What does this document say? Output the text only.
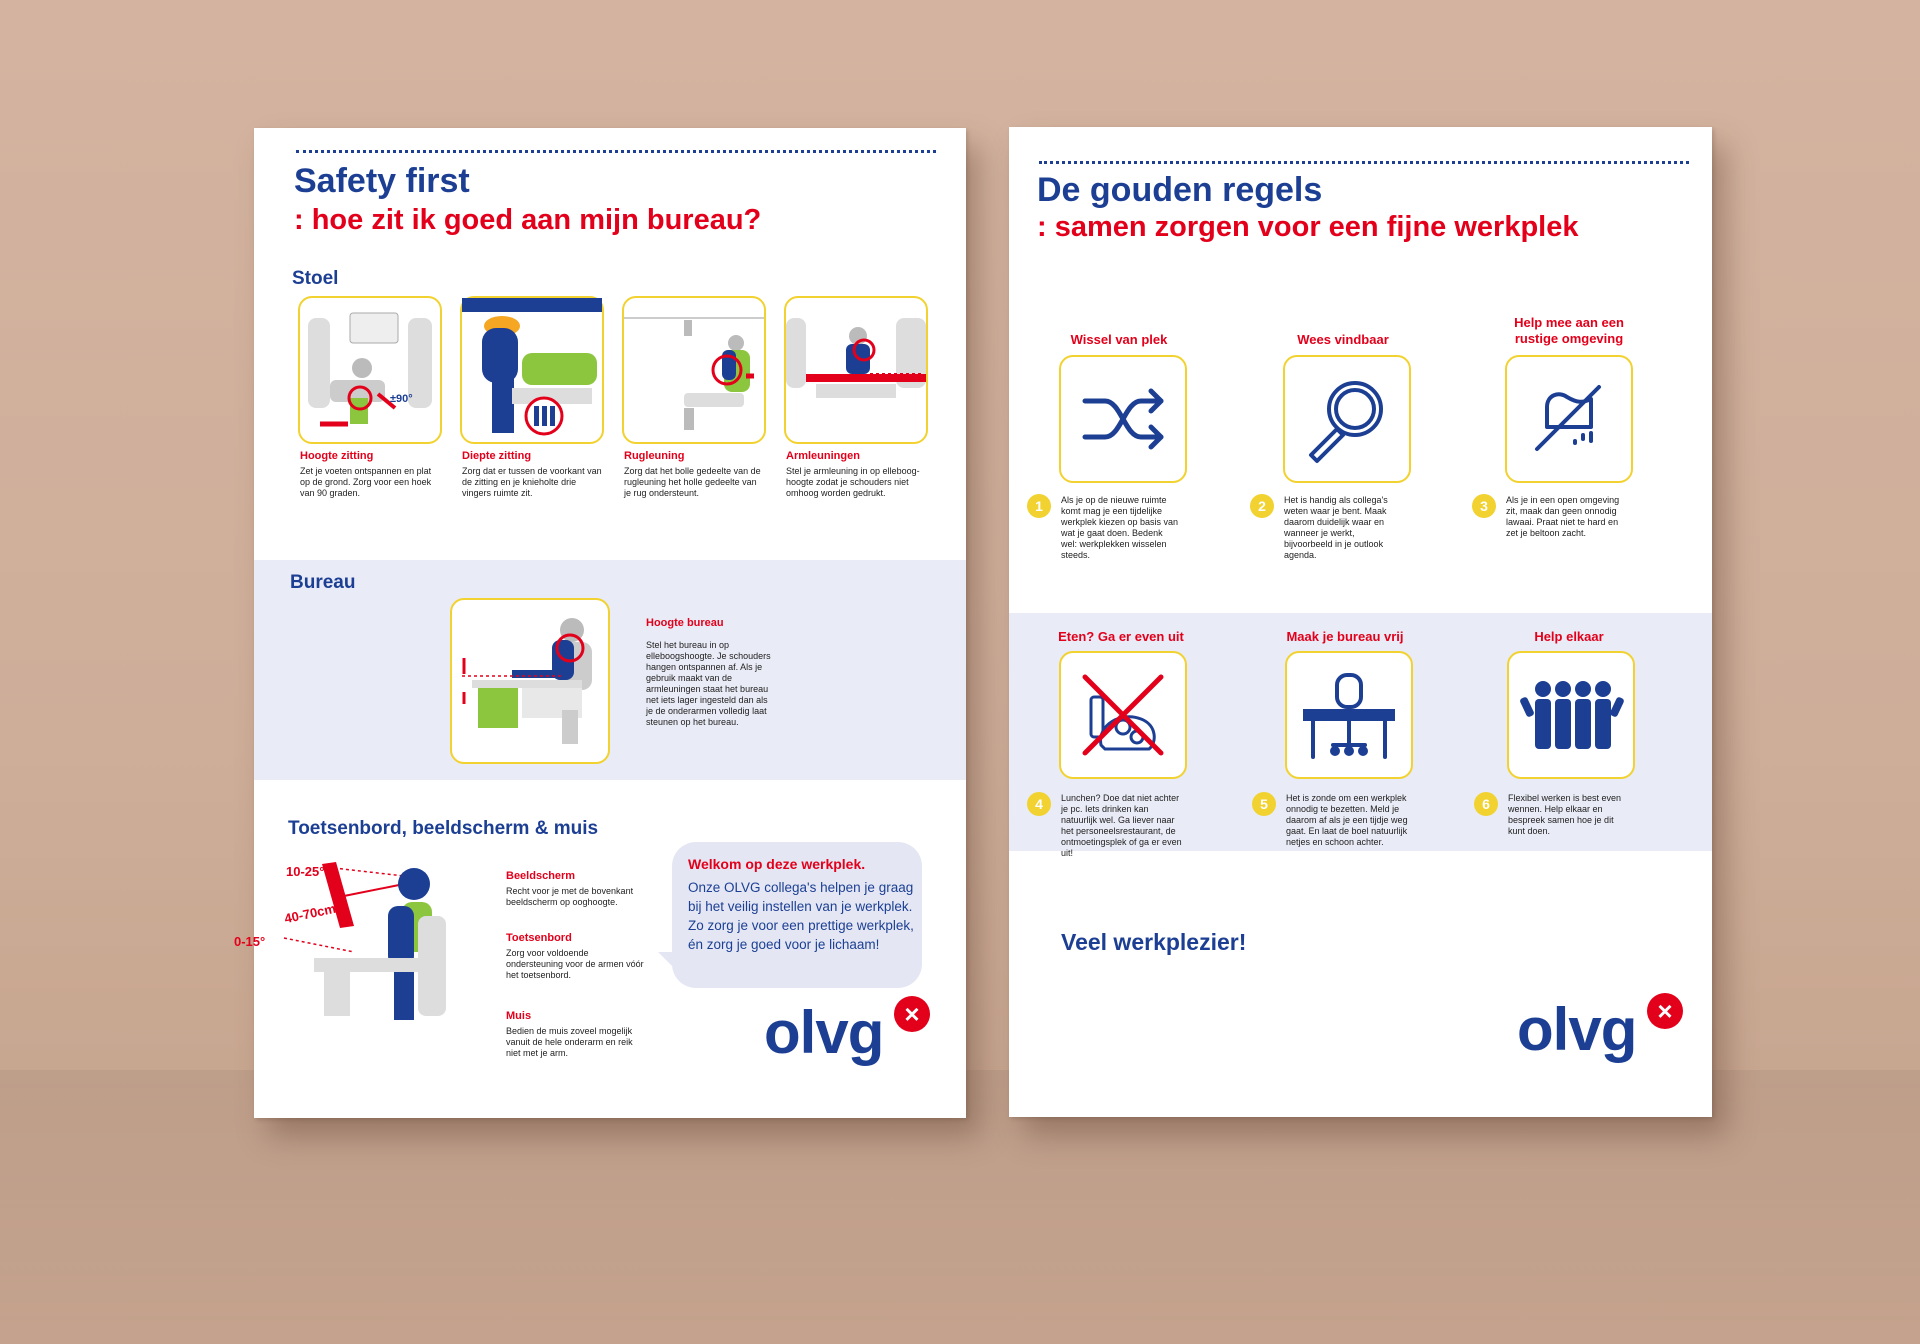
Safety first
: hoe zit ik goed aan mijn bureau?
Stoel
±90°
Hoogte zitting
Zet je voeten ontspannen en plat op de grond. Zorg voor een hoek van 90 graden.
Diepte zitting
Zorg dat er tussen de voorkant van de zitting en je knieholte drie vingers ruimte zit.
Rugleuning
Zorg dat het bolle gedeelte van de rugleuning het holle gedeelte van je rug ondersteunt.
Armleuningen
Stel je armleuning in op elleboog-hoogte zodat je schouders niet omhoog worden gedrukt.
Bureau
Hoogte bureau
Stel het bureau in op elleboogshoogte. Je schouders hangen ontspannen af. Als je gebruik maakt van de armleuningen staat het bureau net iets lager ingesteld dan als je de onderarmen volledig laat steunen op het bureau.
Toetsenbord, beeldscherm & muis
10-25°
40-70cm
0-15°
Beeldscherm
Recht voor je met de bovenkant beeldscherm op ooghoogte.
Toetsenbord
Zorg voor voldoende ondersteuning voor de armen vóór het toetsenbord.
Muis
Bedien de muis zoveel mogelijk vanuit de hele onderarm en reik niet met je arm.
Welkom op deze werkplek.
Onze OLVG collega's helpen je graag bij het veilig instellen van je werkplek. Zo zorg je voor een prettige werkplek, én zorg je goed voor je lichaam!
olvg ×
De gouden regels
: samen zorgen voor een fijne werkplek
Wissel van plek	Wees vindbaar
Help mee aan een rustige omgeving
1	Als je op de nieuwe ruimte komt mag je een tijdelijke werkplek kiezen op basis van wat je gaat doen. Bedenk wel: werkplekken wisselen steeds.
2	Het is handig als collega's weten waar je bent. Maak daarom duidelijk waar en wanneer je werkt, bijvoorbeeld in je outlook agenda.
3	Als je in een open omgeving zit, maak dan geen onnodig lawaai. Praat niet te hard en zet je beltoon zacht.
Eten? Ga er even uit	Maak je bureau vrij	Help elkaar
4	Lunchen? Doe dat niet achter je pc. Iets drinken kan natuurlijk wel. Ga liever naar het personeelsrestaurant, de ontmoetingsplek of ga er even uit!
5	Het is zonde om een werkplek onnodig te bezetten. Meld je daarom af als je een tijdje weg gaat. En laat de boel natuurlijk netjes en schoon achter.
6	Flexibel werken is best even wennen. Help elkaar en bespreek samen hoe je dit kunt doen.
Veel werkplezier!
olvg ×
